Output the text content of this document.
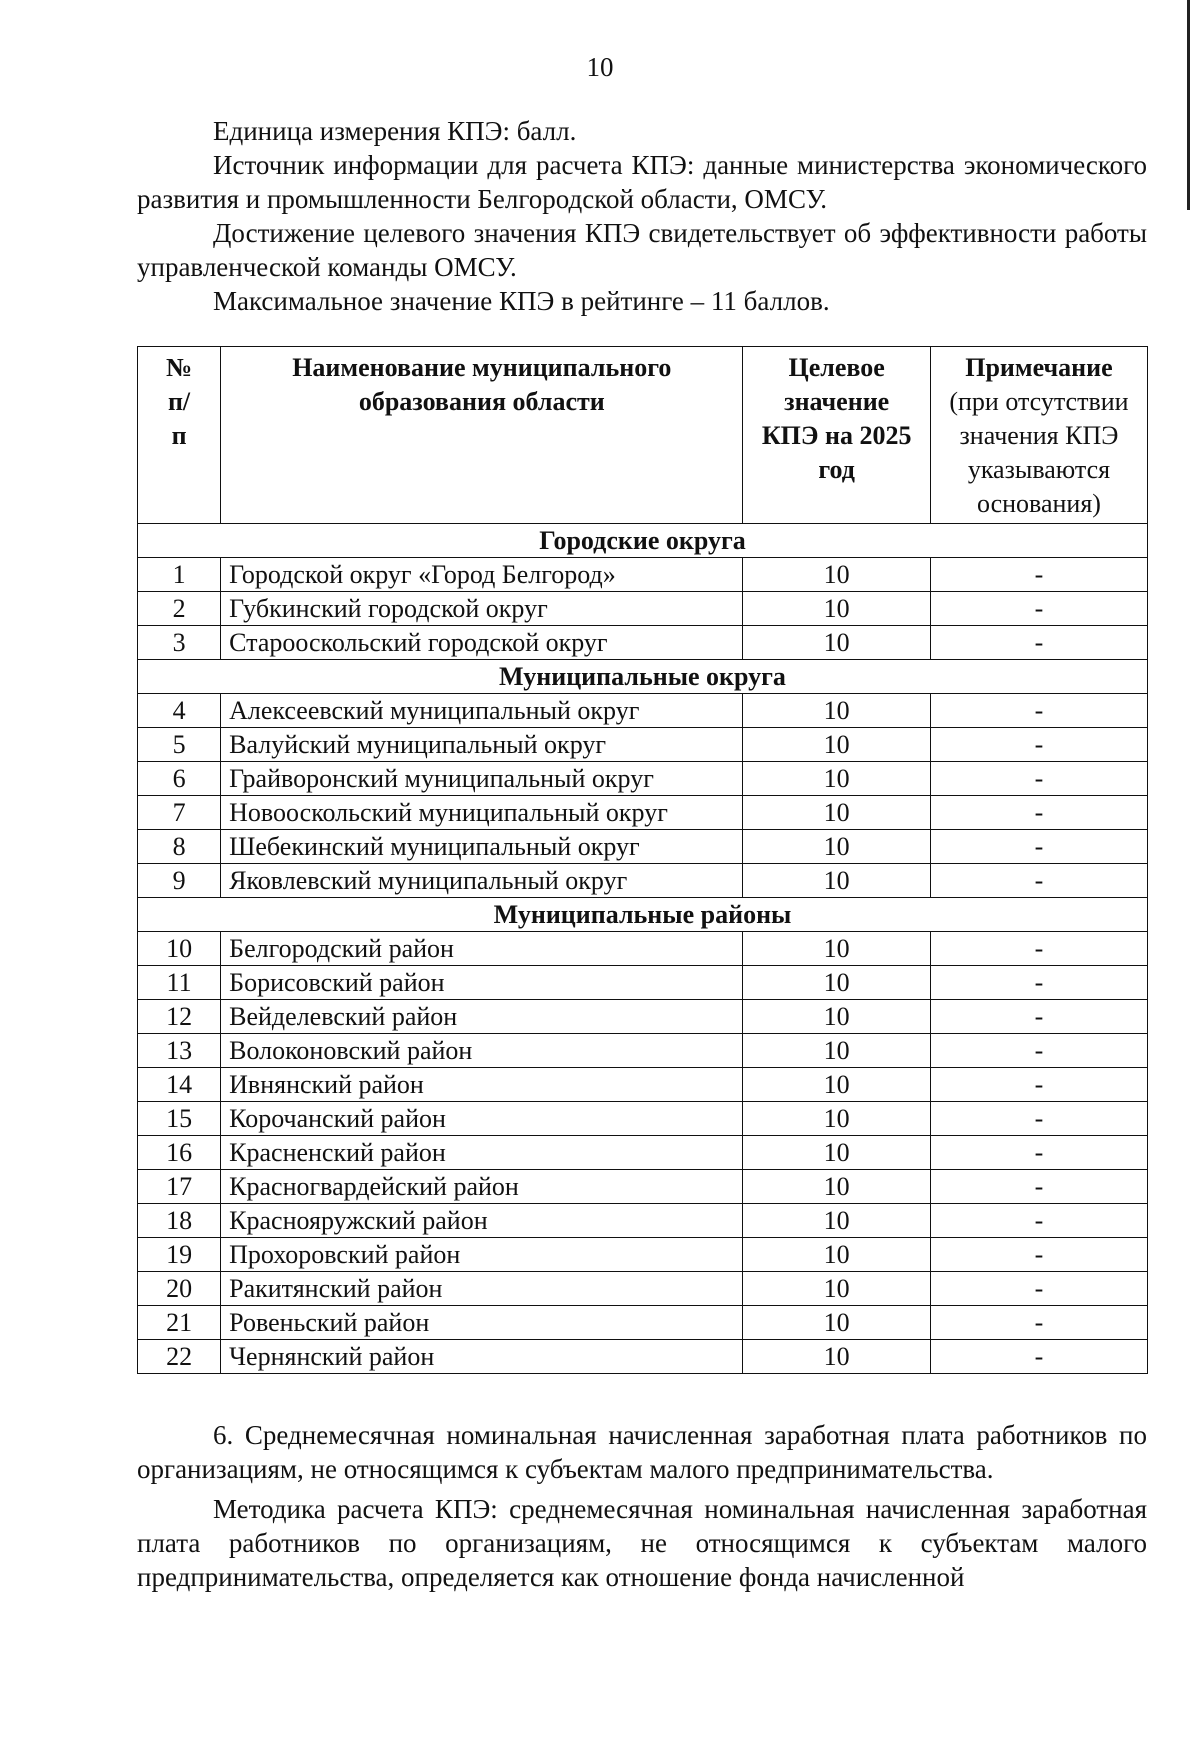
10

Единица измерения КПЭ: балл.

Источник информации для расчета КПЭ: данные министерства экономического развития и промышленности Белгородской области, ОМСУ.

Достижение целевого значения КПЭ свидетельствует об эффективности работы управленческой команды ОМСУ.

Максимальное значение КПЭ в рейтинге – 11 баллов.

№ п/п	Наименование муниципального образования области	Целевое значение КПЭ на 2025 год	Примечание
(при отсутствии значения КПЭ указываются основания)
Городские округа			
1	Городской округ «Город Белгород»	10	-
2	Губкинский городской округ	10	-
3	Старооскольский городской округ	10	-
Муниципальные округа			
4	Алексеевский муниципальный округ	10	-
5	Валуйский муниципальный округ	10	-
6	Грайворонский муниципальный округ	10	-
7	Новооскольский муниципальный округ	10	-
8	Шебекинский муниципальный округ	10	-
9	Яковлевский муниципальный округ	10	-
Муниципальные районы			
10	Белгородский район	10	-
11	Борисовский район	10	-
12	Вейделевский район	10	-
13	Волоконовский район	10	-
14	Ивнянский район	10	-
15	Корочанский район	10	-
16	Красненский район	10	-
17	Красногвардейский район	10	-
18	Краснояружский район	10	-
19	Прохоровский район	10	-
20	Ракитянский район	10	-
21	Ровеньский район	10	-
22	Чернянский район	10	-

6. Среднемесячная номинальная начисленная заработная плата работников по организациям, не относящимся к субъектам малого предпринимательства.

Методика расчета КПЭ: среднемесячная номинальная начисленная заработная плата работников по организациям, не относящимся к субъектам малого предпринимательства, определяется как отношение фонда начисленной
